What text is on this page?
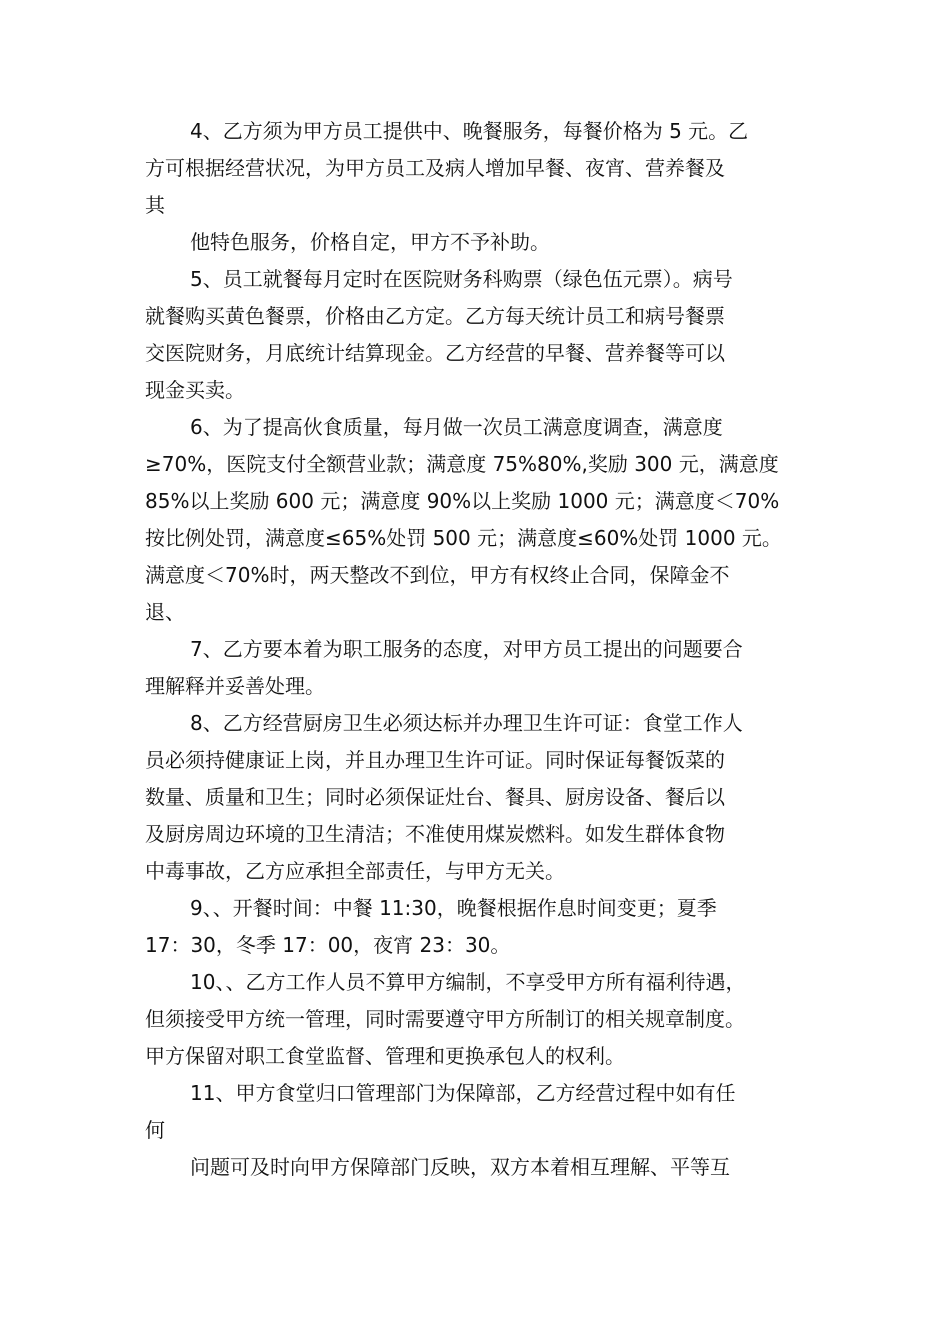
4、乙方须为甲方员工提供中、晚餐服务，每餐价格为 5 元。乙
方可根据经营状况，为甲方员工及病人增加早餐、夜宵、营养餐及
其
他特色服务，价格自定，甲方不予补助。
5、员工就餐每月定时在医院财务科购票（绿色伍元票）。病号
就餐购买黄色餐票，价格由乙方定。乙方每天统计员工和病号餐票
交医院财务，月底统计结算现金。乙方经营的早餐、营养餐等可以
现金买卖。
6、为了提高伙食质量，每月做一次员工满意度调查，满意度
≥70%，医院支付全额营业款；满意度 75%80%,奖励 300 元，满意度
85%以上奖励 600 元；满意度 90%以上奖励 1000 元；满意度＜70%
按比例处罚，满意度≤65%处罚 500 元；满意度≤60%处罚 1000 元。
满意度＜70%时，两天整改不到位，甲方有权终止合同，保障金不
退、
7、乙方要本着为职工服务的态度，对甲方员工提出的问题要合
理解释并妥善处理。
8、乙方经营厨房卫生必须达标并办理卫生许可证：食堂工作人
员必须持健康证上岗，并且办理卫生许可证。同时保证每餐饭菜的
数量、质量和卫生；同时必须保证灶台、餐具、厨房设备、餐后以
及厨房周边环境的卫生清洁；不准使用煤炭燃料。如发生群体食物
中毒事故，乙方应承担全部责任，与甲方无关。
9、、开餐时间：中餐 11:30，晚餐根据作息时间变更；夏季
17：30，冬季 17：00，夜宵 23：30。
10、、乙方工作人员不算甲方编制，不享受甲方所有福利待遇，
但须接受甲方统一管理，同时需要遵守甲方所制订的相关规章制度。
甲方保留对职工食堂监督、管理和更换承包人的权利。
11、甲方食堂归口管理部门为保障部，乙方经营过程中如有任
何
问题可及时向甲方保障部门反映，双方本着相互理解、平等互
